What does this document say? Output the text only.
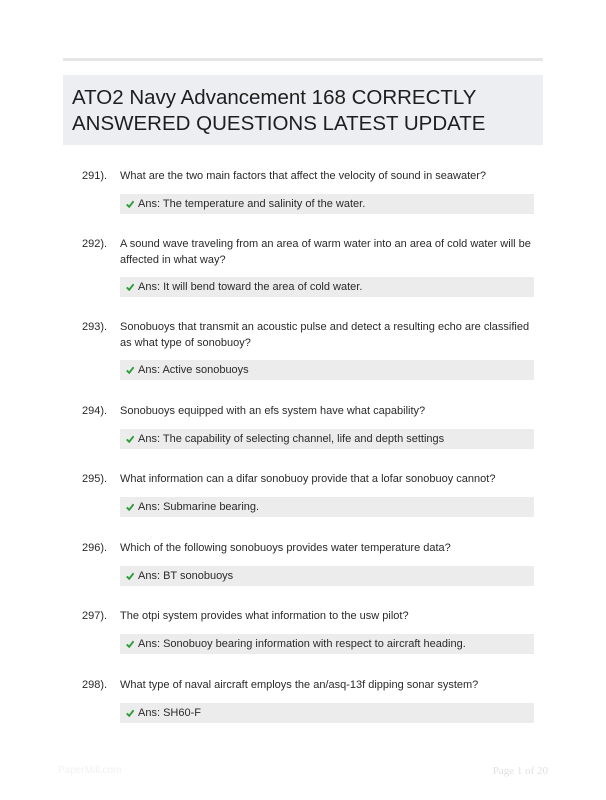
ATO2 Navy Advancement 168 CORRECTLY ANSWERED QUESTIONS LATEST UPDATE
291). What are the two main factors that affect the velocity of sound in seawater?
Ans: The temperature and salinity of the water.
292). A sound wave traveling from an area of warm water into an area of cold water will be affected in what way?
Ans: It will bend toward the area of cold water.
293). Sonobuoys that transmit an acoustic pulse and detect a resulting echo are classified as what type of sonobuoy?
Ans: Active sonobuoys
294). Sonobuoys equipped with an efs system have what capability?
Ans: The capability of selecting channel, life and depth settings
295). What information can a difar sonobuoy provide that a lofar sonobuoy cannot?
Ans: Submarine bearing.
296). Which of the following sonobuoys provides water temperature data?
Ans: BT sonobuoys
297). The otpi system provides what information to the usw pilot?
Ans: Sonobuoy bearing information with respect to aircraft heading.
298). What type of naval aircraft employs the an/asq-13f dipping sonar system?
Ans: SH60-F
PaperMill.com	Page 1 of 20
